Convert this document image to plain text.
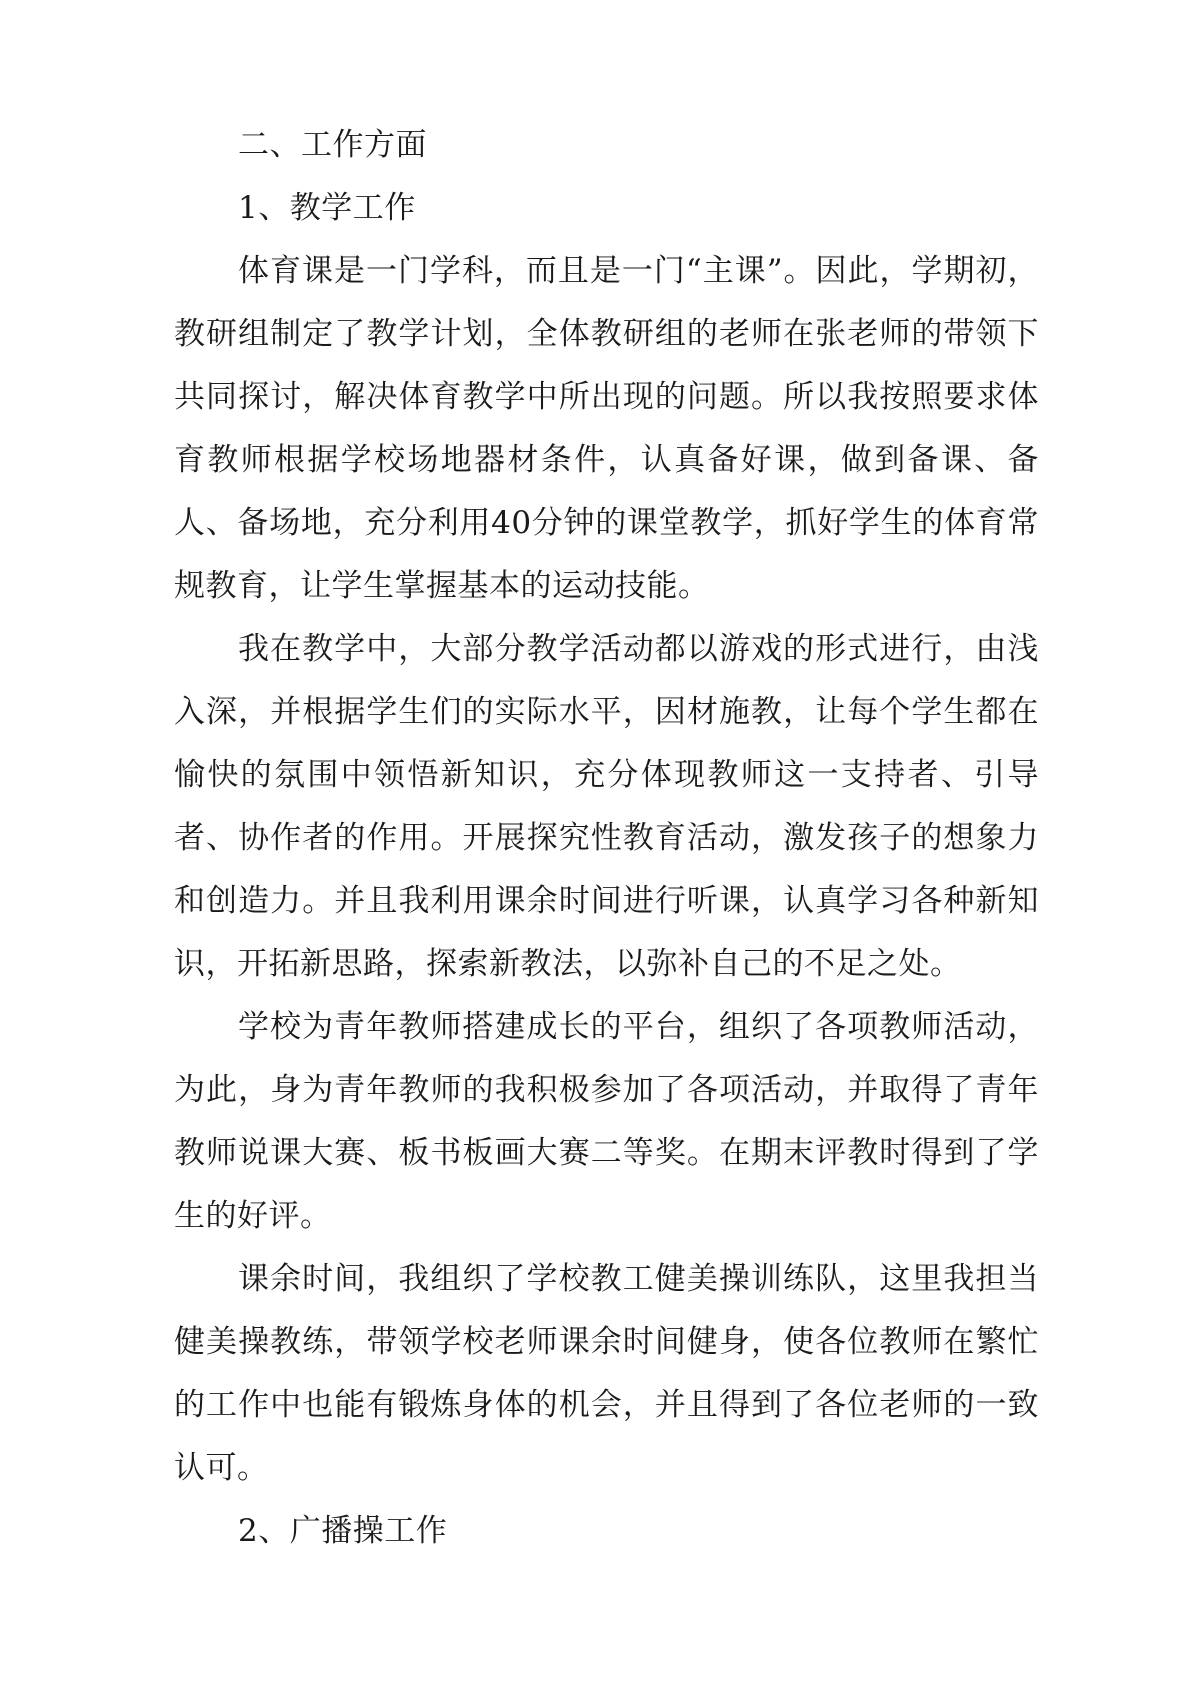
二、工作方面

1、教学工作

体育课是一门学科，而且是一门“主课”。因此，学期初，教研组制定了教学计划，全体教研组的老师在张老师的带领下共同探讨，解决体育教学中所出现的问题。所以我按照要求体育教师根据学校场地器材条件，认真备好课，做到备课、备人、备场地，充分利用40分钟的课堂教学，抓好学生的体育常规教育，让学生掌握基本的运动技能。

我在教学中，大部分教学活动都以游戏的形式进行，由浅入深，并根据学生们的实际水平，因材施教，让每个学生都在愉快的氛围中领悟新知识，充分体现教师这一支持者、引导者、协作者的作用。开展探究性教育活动，激发孩子的想象力和创造力。并且我利用课余时间进行听课，认真学习各种新知识，开拓新思路，探索新教法，以弥补自己的不足之处。

学校为青年教师搭建成长的平台，组织了各项教师活动，为此，身为青年教师的我积极参加了各项活动，并取得了青年教师说课大赛、板书板画大赛二等奖。在期末评教时得到了学生的好评。

课余时间，我组织了学校教工健美操训练队，这里我担当健美操教练，带领学校老师课余时间健身，使各位教师在繁忙的工作中也能有锻炼身体的机会，并且得到了各位老师的一致认可。

2、广播操工作
